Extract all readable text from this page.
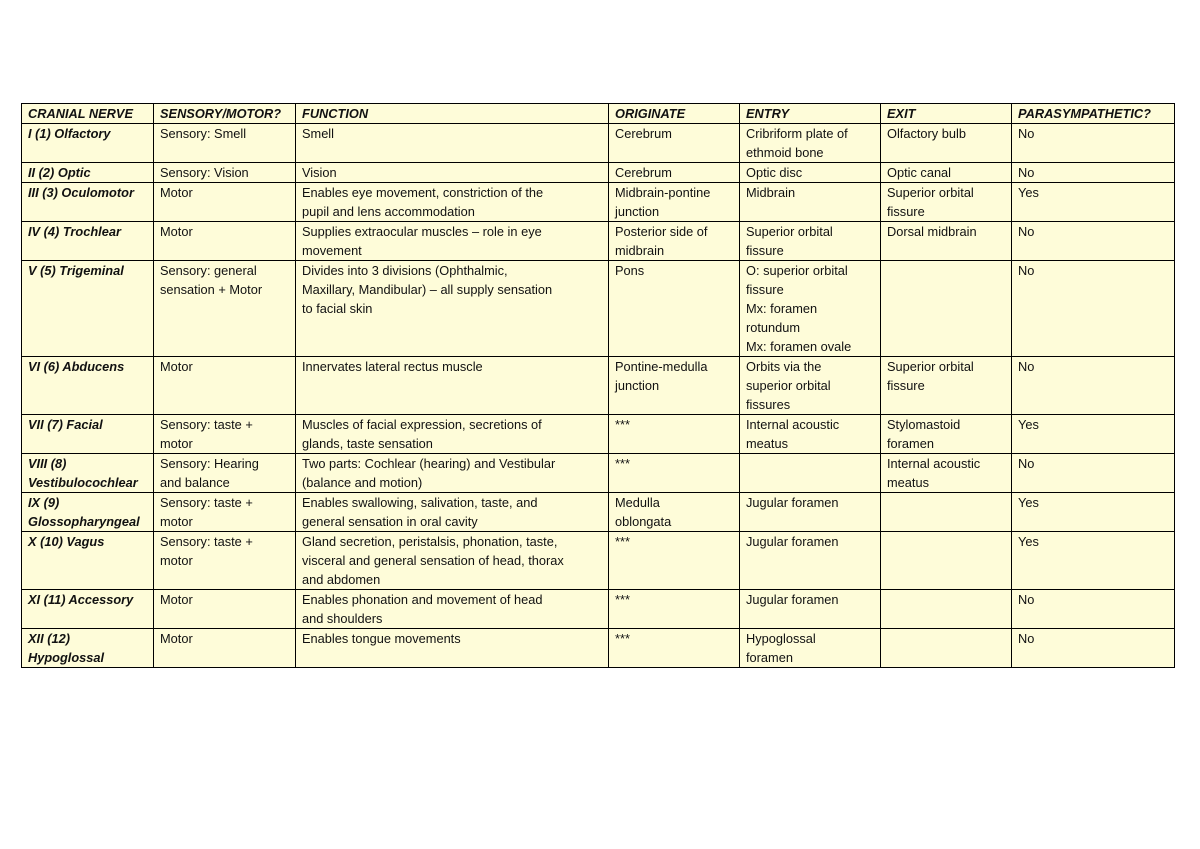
CRANIAL NERVE	SENSORY/MOTOR?	FUNCTION	ORIGINATE	ENTRY	EXIT	PARASYMPATHETIC?

I (1) Olfactory	Sensory: Smell	Smell	Cerebrum	Cribriform plate of
ethmoid bone	Olfactory bulb	No

II (2) Optic	Sensory: Vision	Vision	Cerebrum	Optic disc	Optic canal	No

III (3) Oculomotor	Motor	Enables eye movement, constriction of the
pupil and lens accommodation	Midbrain-pontine
junction	Midbrain	Superior orbital
fissure	Yes

IV (4) Trochlear	Motor	Supplies extraocular muscles – role in eye
movement	Posterior side of
midbrain	Superior orbital
fissure	Dorsal midbrain	No

V (5) Trigeminal	Sensory: general
sensation + Motor	Divides into 3 divisions (Ophthalmic,
Maxillary, Mandibular) – all supply sensation
to facial skin	Pons	O: superior orbital
fissure
Mx: foramen
rotundum
Mx: foramen ovale		No

VI (6) Abducens	Motor	Innervates lateral rectus muscle	Pontine-medulla
junction	Orbits via the
superior orbital
fissures	Superior orbital
fissure	No

VII (7) Facial	Sensory: taste +
motor	Muscles of facial expression, secretions of
glands, taste sensation	***	Internal acoustic
meatus	Stylomastoid
foramen	Yes

VIII (8)
Vestibulocochlear	Sensory: Hearing
and balance	Two parts: Cochlear (hearing) and Vestibular
(balance and motion)	***		Internal acoustic
meatus	No

IX (9)
Glossopharyngeal	Sensory: taste +
motor	Enables swallowing, salivation, taste, and
general sensation in oral cavity	Medulla
oblongata	Jugular foramen		Yes

X (10) Vagus	Sensory: taste +
motor	Gland secretion, peristalsis, phonation, taste,
visceral and general sensation of head, thorax
and abdomen	***	Jugular foramen		Yes

XI (11) Accessory	Motor	Enables phonation and movement of head
and shoulders	***	Jugular foramen		No

XII (12)
Hypoglossal	Motor	Enables tongue movements	***	Hypoglossal
foramen		No
